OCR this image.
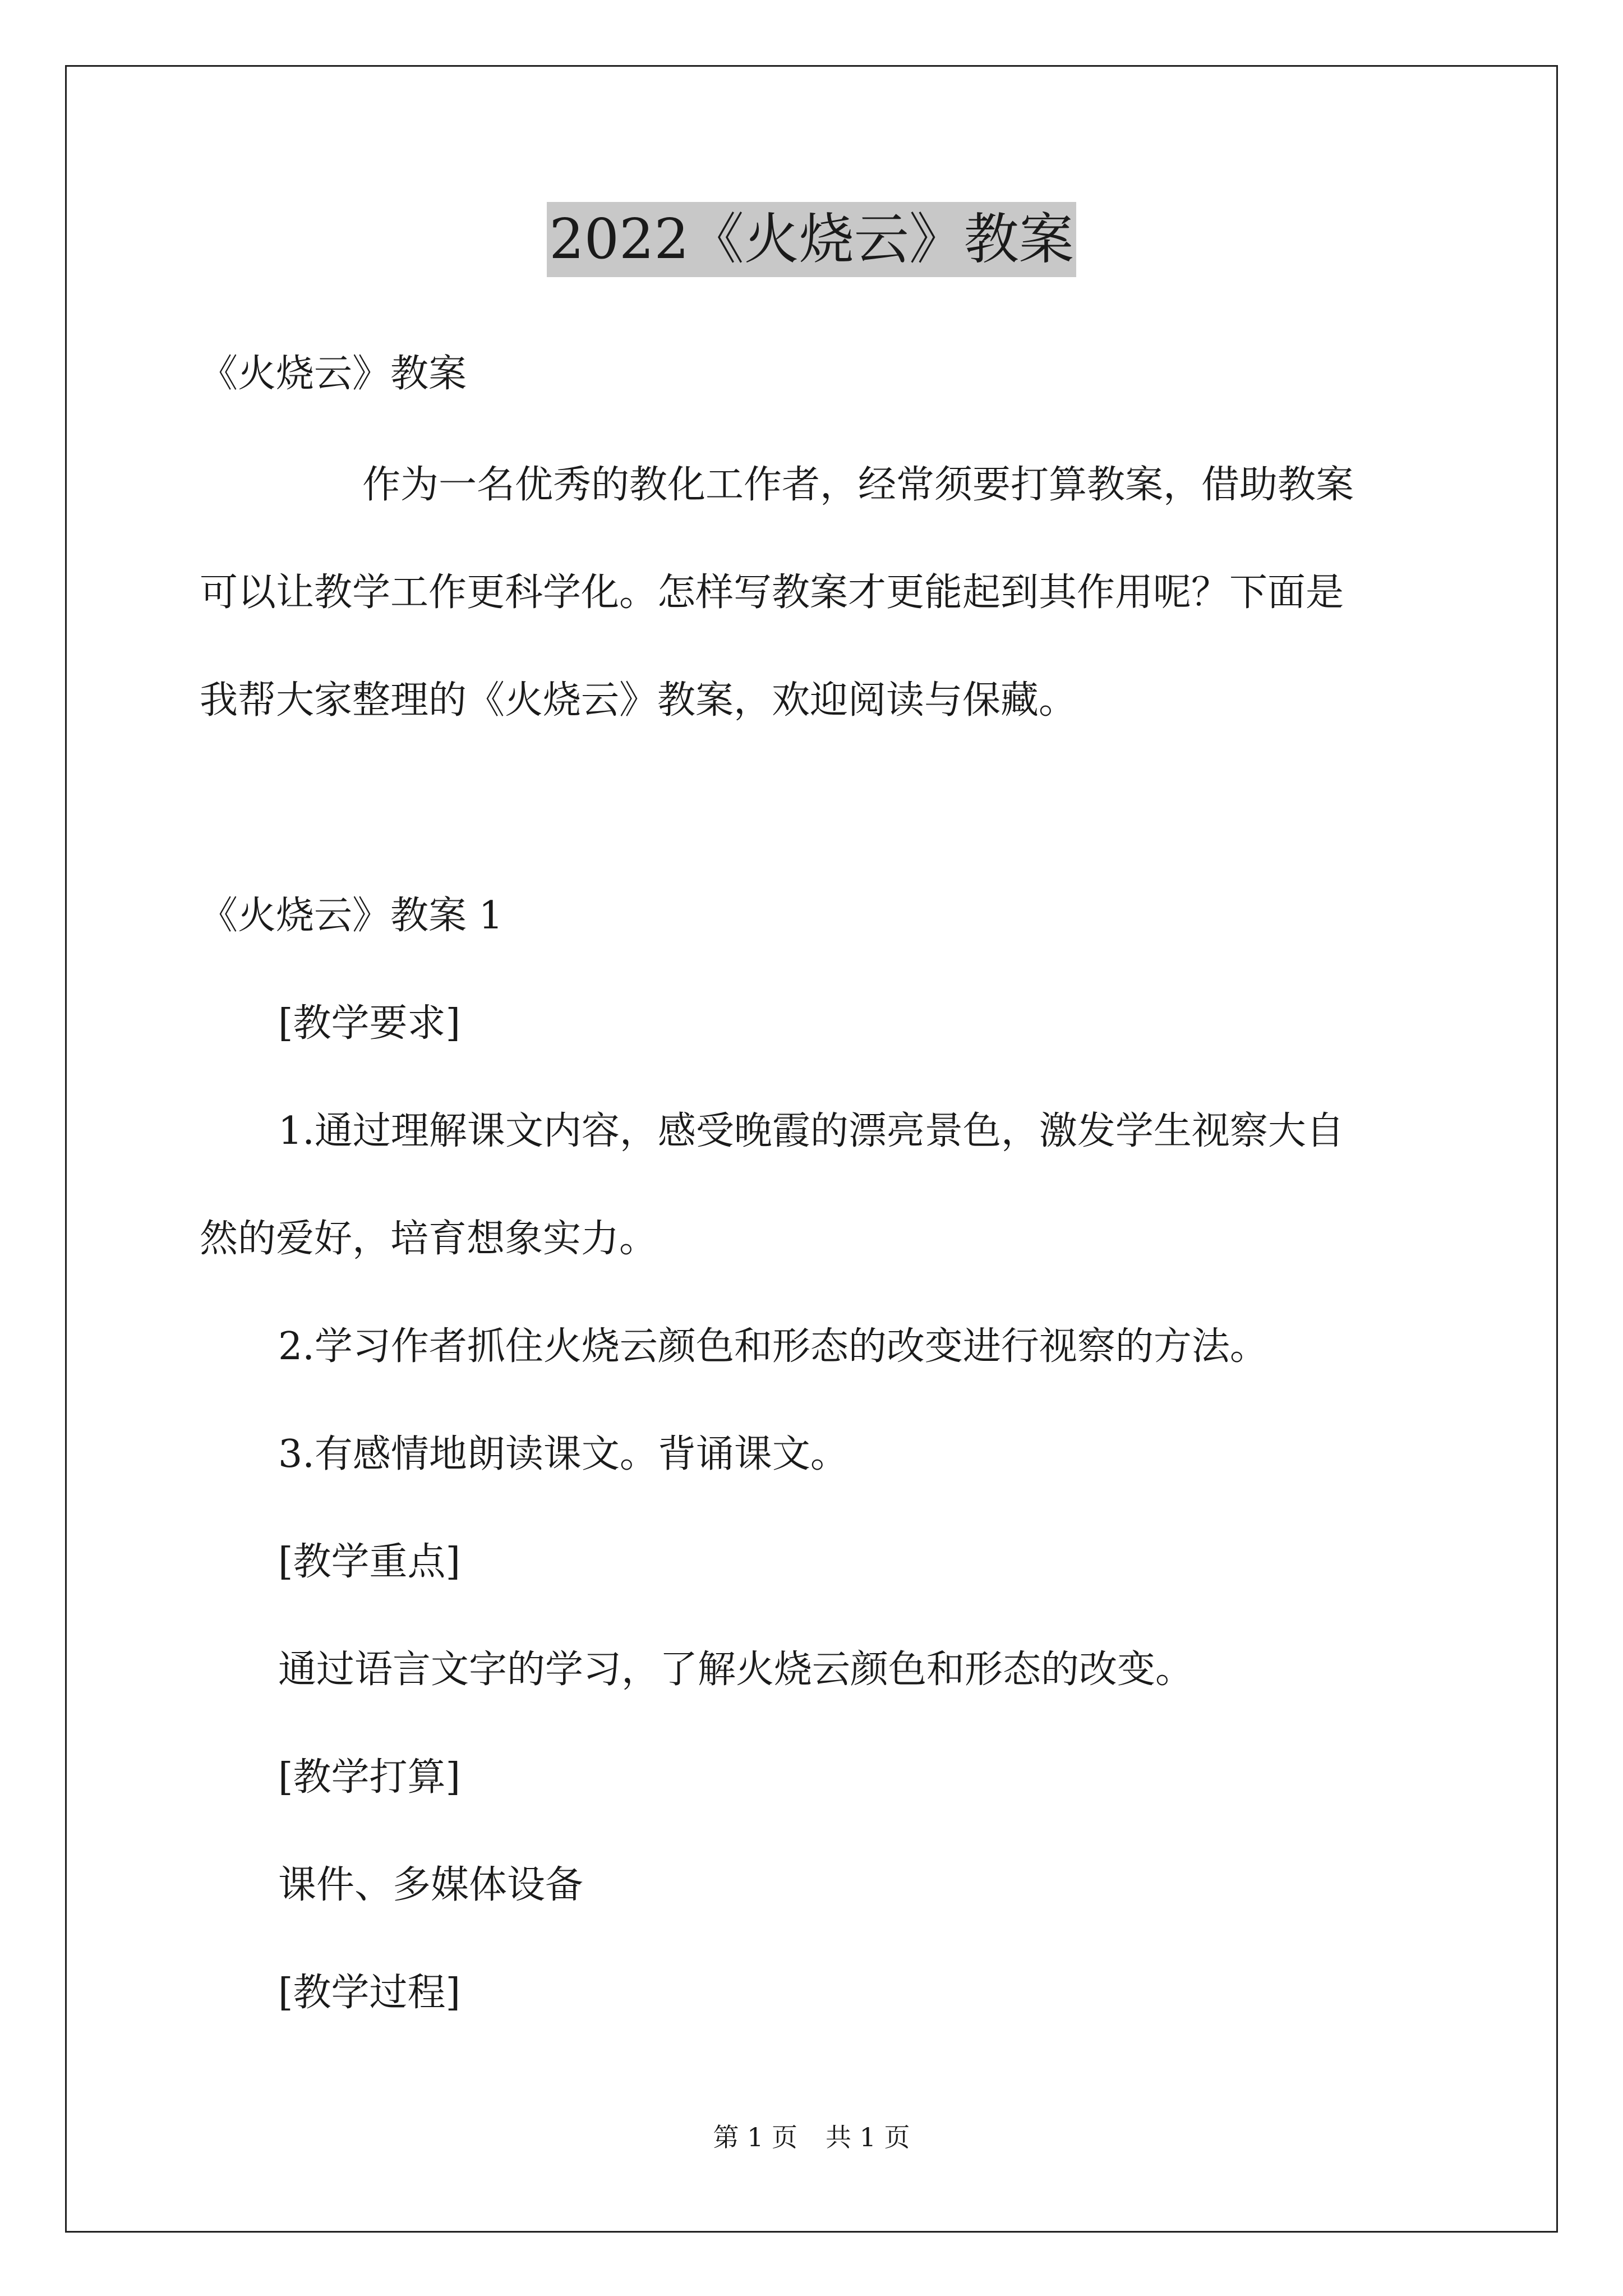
2022《火烧云》教案
《火烧云》教案
作为一名优秀的教化工作者，经常须要打算教案，借助教案
可以让教学工作更科学化。怎样写教案才更能起到其作用呢？下面是
我帮大家整理的《火烧云》教案，欢迎阅读与保藏。
《火烧云》教案 1
[教学要求]
1.通过理解课文内容，感受晚霞的漂亮景色，激发学生视察大自
然的爱好，培育想象实力。
2.学习作者抓住火烧云颜色和形态的改变进行视察的方法。
3.有感情地朗读课文。背诵课文。
[教学重点]
通过语言文字的学习，了解火烧云颜色和形态的改变。
[教学打算]
课件、多媒体设备
[教学过程]
第 1 页 共 1 页
